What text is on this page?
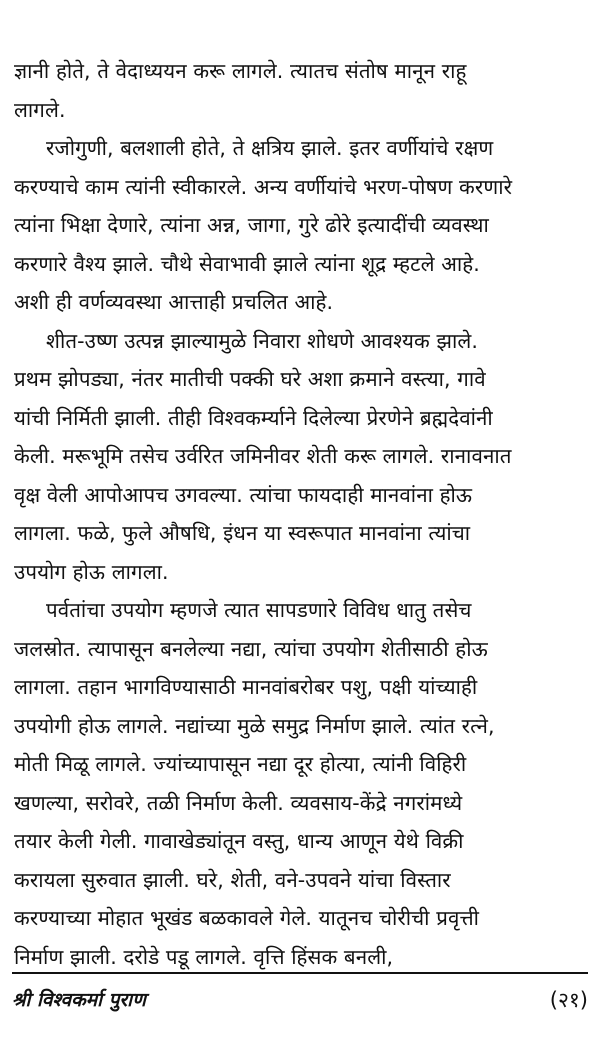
ज्ञानी होते, ते वेदाध्ययन करू लागले. त्यातच संतोष मानून राहू
लागले.
रजोगुणी, बलशाली होते, ते क्षत्रिय झाले. इतर वर्णीयांचे रक्षण
करण्याचे काम त्यांनी स्वीकारले. अन्य वर्णीयांचे भरण-पोषण करणारे
त्यांना भिक्षा देणारे, त्यांना अन्न, जागा, गुरे ढोरे इत्यादींची व्यवस्था
करणारे वैश्य झाले. चौथे सेवाभावी झाले त्यांना शूद्र म्हटले आहे.
अशी ही वर्णव्यवस्था आत्ताही प्रचलित आहे.
शीत-उष्ण उत्पन्न झाल्यामुळे निवारा शोधणे आवश्यक झाले.
प्रथम झोपड्या, नंतर मातीची पक्की घरे अशा क्रमाने वस्त्या, गावे
यांची निर्मिती झाली. तीही विश्वकर्म्याने दिलेल्या प्रेरणेने ब्रह्मदेवांनी
केली. मरूभूमि तसेच उर्वरित जमिनीवर शेती करू लागले. रानावनात
वृक्ष वेली आपोआपच उगवल्या. त्यांचा फायदाही मानवांना होऊ
लागला. फळे, फुले औषधि, इंधन या स्वरूपात मानवांना त्यांचा
उपयोग होऊ लागला.
पर्वतांचा उपयोग म्हणजे त्यात सापडणारे विविध धातु तसेच
जलस्रोत. त्यापासून बनलेल्या नद्या, त्यांचा उपयोग शेतीसाठी होऊ
लागला. तहान भागविण्यासाठी मानवांबरोबर पशु, पक्षी यांच्याही
उपयोगी होऊ लागले. नद्यांच्या मुळे समुद्र निर्माण झाले. त्यांत रत्ने,
मोती मिळू लागले. ज्यांच्यापासून नद्या दूर होत्या, त्यांनी विहिरी
खणल्या, सरोवरे, तळी निर्माण केली. व्यवसाय-केंद्रे नगरांमध्ये
तयार केली गेली. गावाखेड्यांतून वस्तु, धान्य आणून येथे विक्री
करायला सुरुवात झाली. घरे, शेती, वने-उपवने यांचा विस्तार
करण्याच्या मोहात भूखंड बळकावले गेले. यातूनच चोरीची प्रवृत्ती
निर्माण झाली. दरोडे पडू लागले. वृत्ति हिंसक बनली,
श्री विश्वकर्मा पुराण	(२१)
